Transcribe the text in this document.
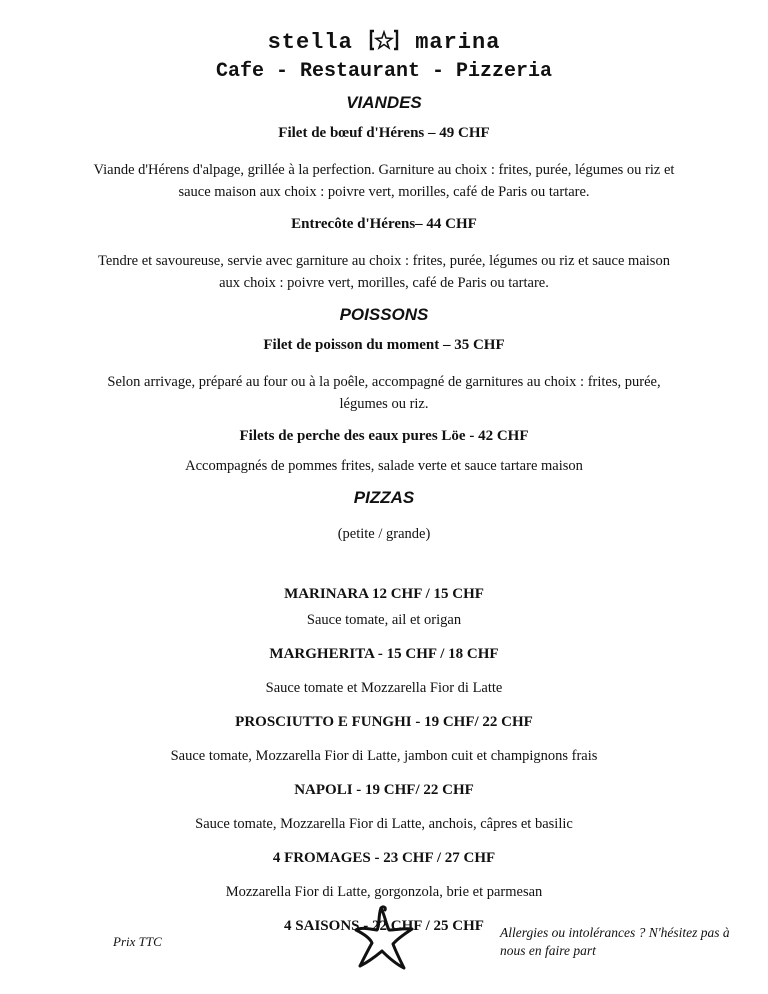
stella	marina
Cafe - Restaurant - Pizzeria

VIANDES

Filet de bœuf d'Hérens – 49 CHF

Viande d'Hérens d'alpage, grillée à la perfection. Garniture au choix : frites, purée, légumes ou riz et sauce maison aux choix : poivre vert, morilles, café de Paris ou tartare.

Entrecôte d'Hérens– 44 CHF

Tendre et savoureuse, servie avec garniture au choix : frites, purée, légumes ou riz et sauce maison aux choix : poivre vert, morilles, café de Paris ou tartare.

POISSONS

Filet de poisson du moment – 35 CHF

Selon arrivage, préparé au four ou à la poêle, accompagné de garnitures au choix : frites, purée, légumes ou riz.

Filets de perche des eaux pures Löe - 42 CHF

Accompagnés de pommes frites, salade verte et sauce tartare maison

PIZZAS

(petite / grande)

MARINARA 12 CHF / 15 CHF

Sauce tomate, ail et origan

MARGHERITA - 15 CHF / 18 CHF

Sauce tomate et Mozzarella Fior di Latte

PROSCIUTTO E FUNGHI - 19 CHF/ 22 CHF

Sauce tomate, Mozzarella Fior di Latte, jambon cuit et champignons frais

NAPOLI - 19 CHF/ 22 CHF

Sauce tomate, Mozzarella Fior di Latte, anchois, câpres et basilic

4 FROMAGES - 23 CHF / 27 CHF

Mozzarella Fior di Latte, gorgonzola, brie et parmesan

4 SAISONS - 22 CHF / 25 CHF

Prix TTC
Allergies ou intolérances ? N'hésitez pas à nous en faire part
